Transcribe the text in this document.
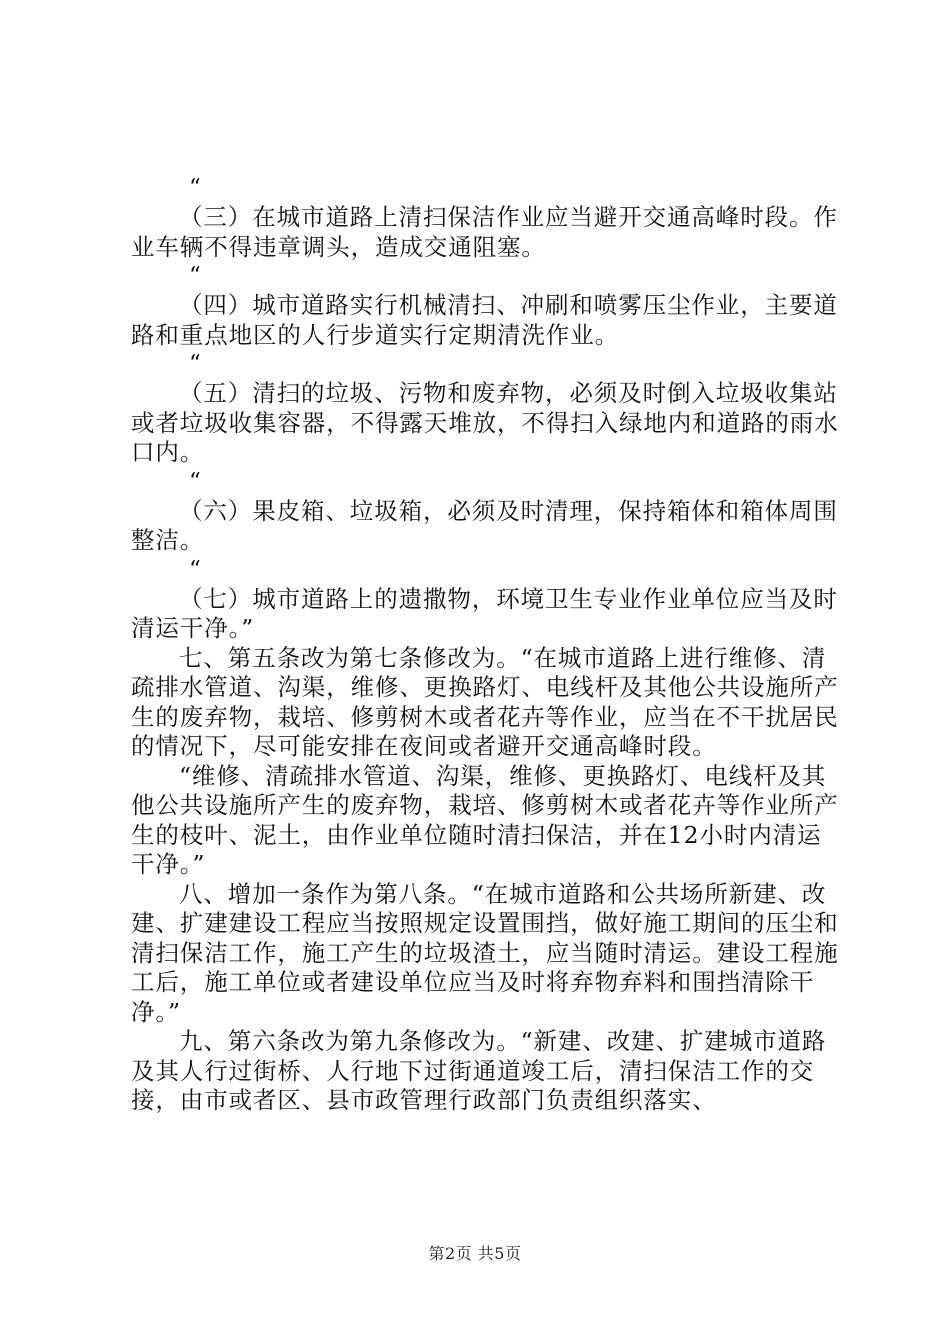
“

（三）在城市道路上清扫保洁作业应当避开交通高峰时段。作业车辆不得违章调头，造成交通阻塞。

“

（四）城市道路实行机械清扫、冲刷和喷雾压尘作业，主要道路和重点地区的人行步道实行定期清洗作业。

“

（五）清扫的垃圾、污物和废弃物，必须及时倒入垃圾收集站或者垃圾收集容器，不得露天堆放，不得扫入绿地内和道路的雨水口内。

“

（六）果皮箱、垃圾箱，必须及时清理，保持箱体和箱体周围整洁。

“

（七）城市道路上的遗撒物，环境卫生专业作业单位应当及时清运干净。”

七、第五条改为第七条修改为。“在城市道路上进行维修、清疏排水管道、沟渠，维修、更换路灯、电线杆及其他公共设施所产生的废弃物，栽培、修剪树木或者花卉等作业，应当在不干扰居民的情况下，尽可能安排在夜间或者避开交通高峰时段。

“维修、清疏排水管道、沟渠，维修、更换路灯、电线杆及其他公共设施所产生的废弃物，栽培、修剪树木或者花卉等作业所产生的枝叶、泥土，由作业单位随时清扫保洁，并在12小时内清运干净。”

八、增加一条作为第八条。“在城市道路和公共场所新建、改建、扩建建设工程应当按照规定设置围挡，做好施工期间的压尘和清扫保洁工作，施工产生的垃圾渣土，应当随时清运。建设工程施工后，施工单位或者建设单位应当及时将弃物弃料和围挡清除干净。”

九、第六条改为第九条修改为。“新建、改建、扩建城市道路及其人行过街桥、人行地下过街通道竣工后，清扫保洁工作的交接，由市或者区、县市政管理行政部门负责组织落实、

第2页 共5页
